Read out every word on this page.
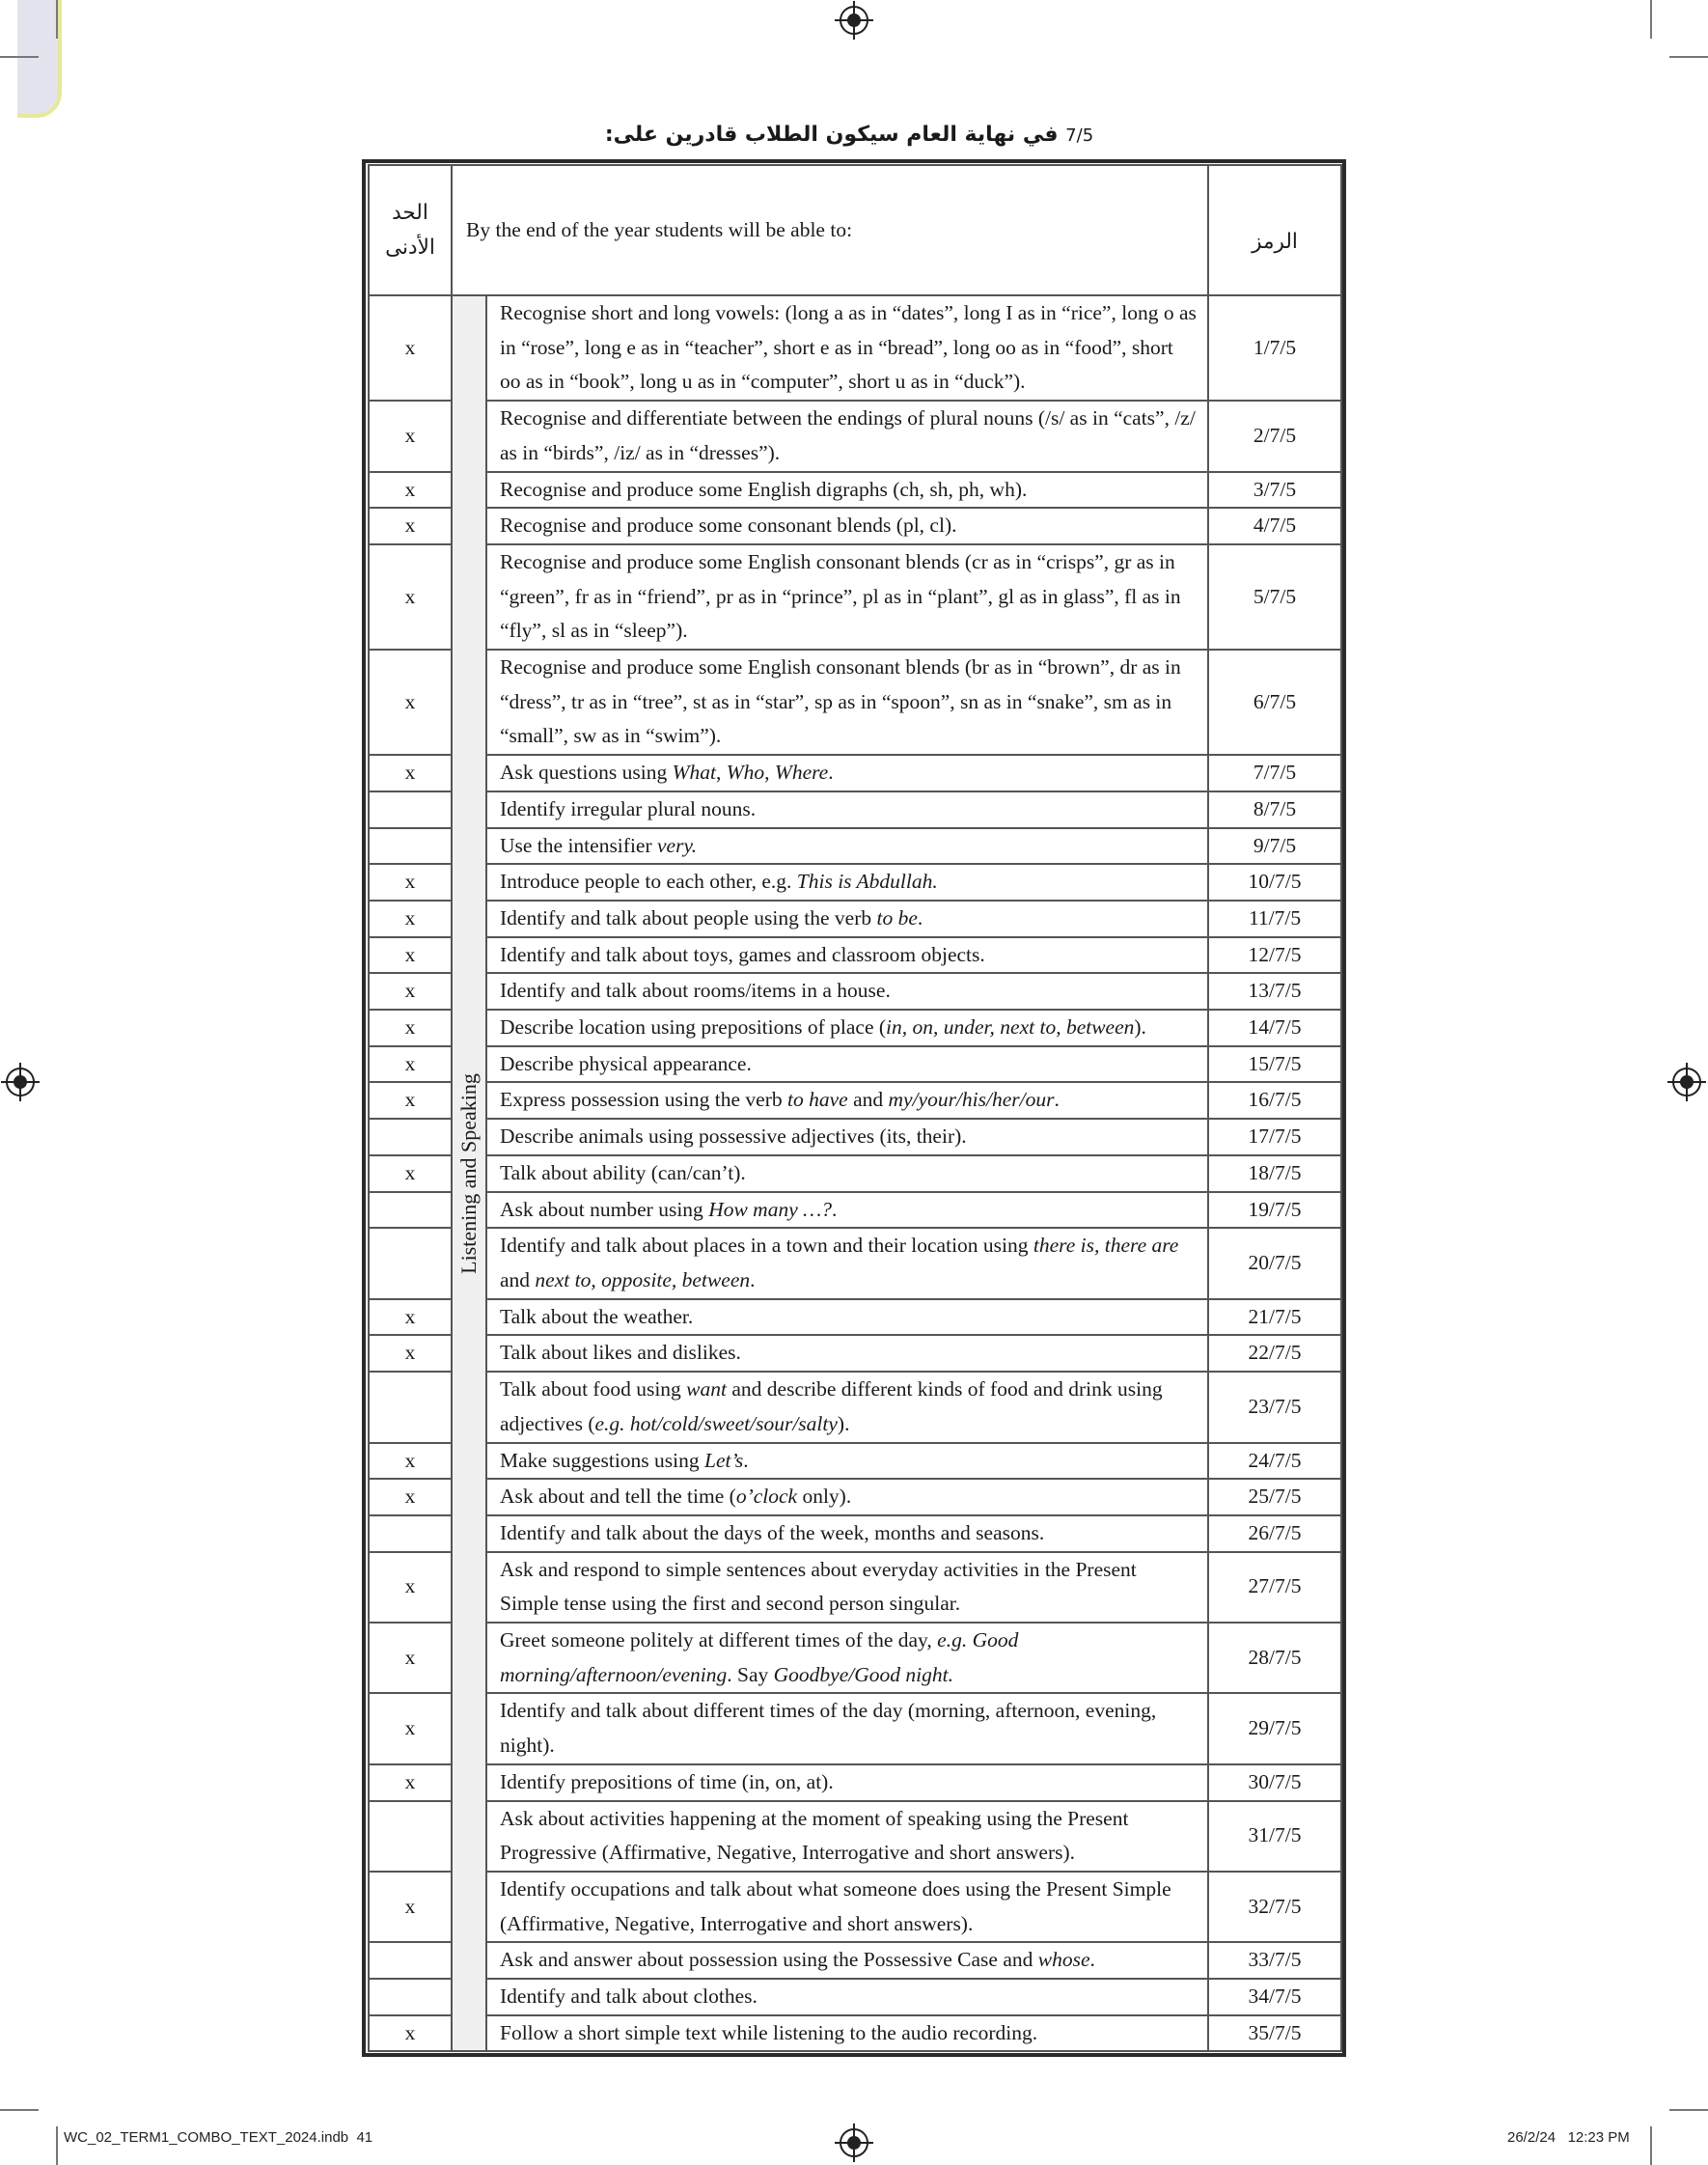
7/5 في نهاية العام سيكون الطلاب قادرين على:
الحد الأدنى	By the end of the year students will be able to:		الرمز
x	Listening and Speaking	Recognise short and long vowels: (long a as in “dates”, long I as in “rice”, long o as in “rose”, long e as in “teacher”, short e as in “bread”, long oo as in “food”, short oo as in “book”, long u as in “computer”, short u as in “duck”).	1/7/5
x		Recognise and differentiate between the endings of plural nouns (/s/ as in “cats”, /z/ as in “birds”, /iz/ as in “dresses”).	2/7/5
x		Recognise and produce some English digraphs (ch, sh, ph, wh).	3/7/5
x		Recognise and produce some consonant blends (pl, cl).	4/7/5
x		Recognise and produce some English consonant blends (cr as in “crisps”, gr as in “green”, fr as in “friend”, pr as in “prince”, pl as in “plant”, gl as in glass”, fl as in “fly”, sl as in “sleep”).	5/7/5
x		Recognise and produce some English consonant blends (br as in “brown”, dr as in “dress”, tr as in “tree”, st as in “star”, sp as in “spoon”, sn as in “snake”, sm as in “small”, sw as in “swim”).	6/7/5
x		Ask questions using What, Who, Where.	7/7/5
		Identify irregular plural nouns.	8/7/5
		Use the intensifier very.	9/7/5
x		Introduce people to each other, e.g. This is Abdullah.	10/7/5
x		Identify and talk about people using the verb to be.	11/7/5
x		Identify and talk about toys, games and classroom objects.	12/7/5
x		Identify and talk about rooms/items in a house.	13/7/5
x		Describe location using prepositions of place (in, on, under, next to, between).	14/7/5
x		Describe physical appearance.	15/7/5
x		Express possession using the verb to have and my/your/his/her/our.	16/7/5
		Describe animals using possessive adjectives (its, their).	17/7/5
x		Talk about ability (can/can’t).	18/7/5
		Ask about number using How many …?.	19/7/5
		Identify and talk about places in a town and their location using there is, there are and next to, opposite, between.	20/7/5
x		Talk about the weather.	21/7/5
x		Talk about likes and dislikes.	22/7/5
		Talk about food using want and describe different kinds of food and drink using adjectives (e.g. hot/cold/sweet/sour/salty).	23/7/5
x		Make suggestions using Let’s.	24/7/5
x		Ask about and tell the time (o’clock only).	25/7/5
		Identify and talk about the days of the week, months and seasons.	26/7/5
x		Ask and respond to simple sentences about everyday activities in the Present Simple tense using the first and second person singular.	27/7/5
x		Greet someone politely at different times of the day, e.g. Good morning/afternoon/evening. Say Goodbye/Good night.	28/7/5
x		Identify and talk about different times of the day (morning, afternoon, evening, night).	29/7/5
x		Identify prepositions of time (in, on, at).	30/7/5
		Ask about activities happening at the moment of speaking using the Present Progressive (Affirmative, Negative, Interrogative and short answers).	31/7/5
x		Identify occupations and talk about what someone does using the Present Simple (Affirmative, Negative, Interrogative and short answers).	32/7/5
		Ask and answer about possession using the Possessive Case and whose.	33/7/5
		Identify and talk about clothes.	34/7/5
x		Follow a short simple text while listening to the audio recording.	35/7/5
WC_02_TERM1_COMBO_TEXT_2024.indb 41	26/2/24 12:23 PM
